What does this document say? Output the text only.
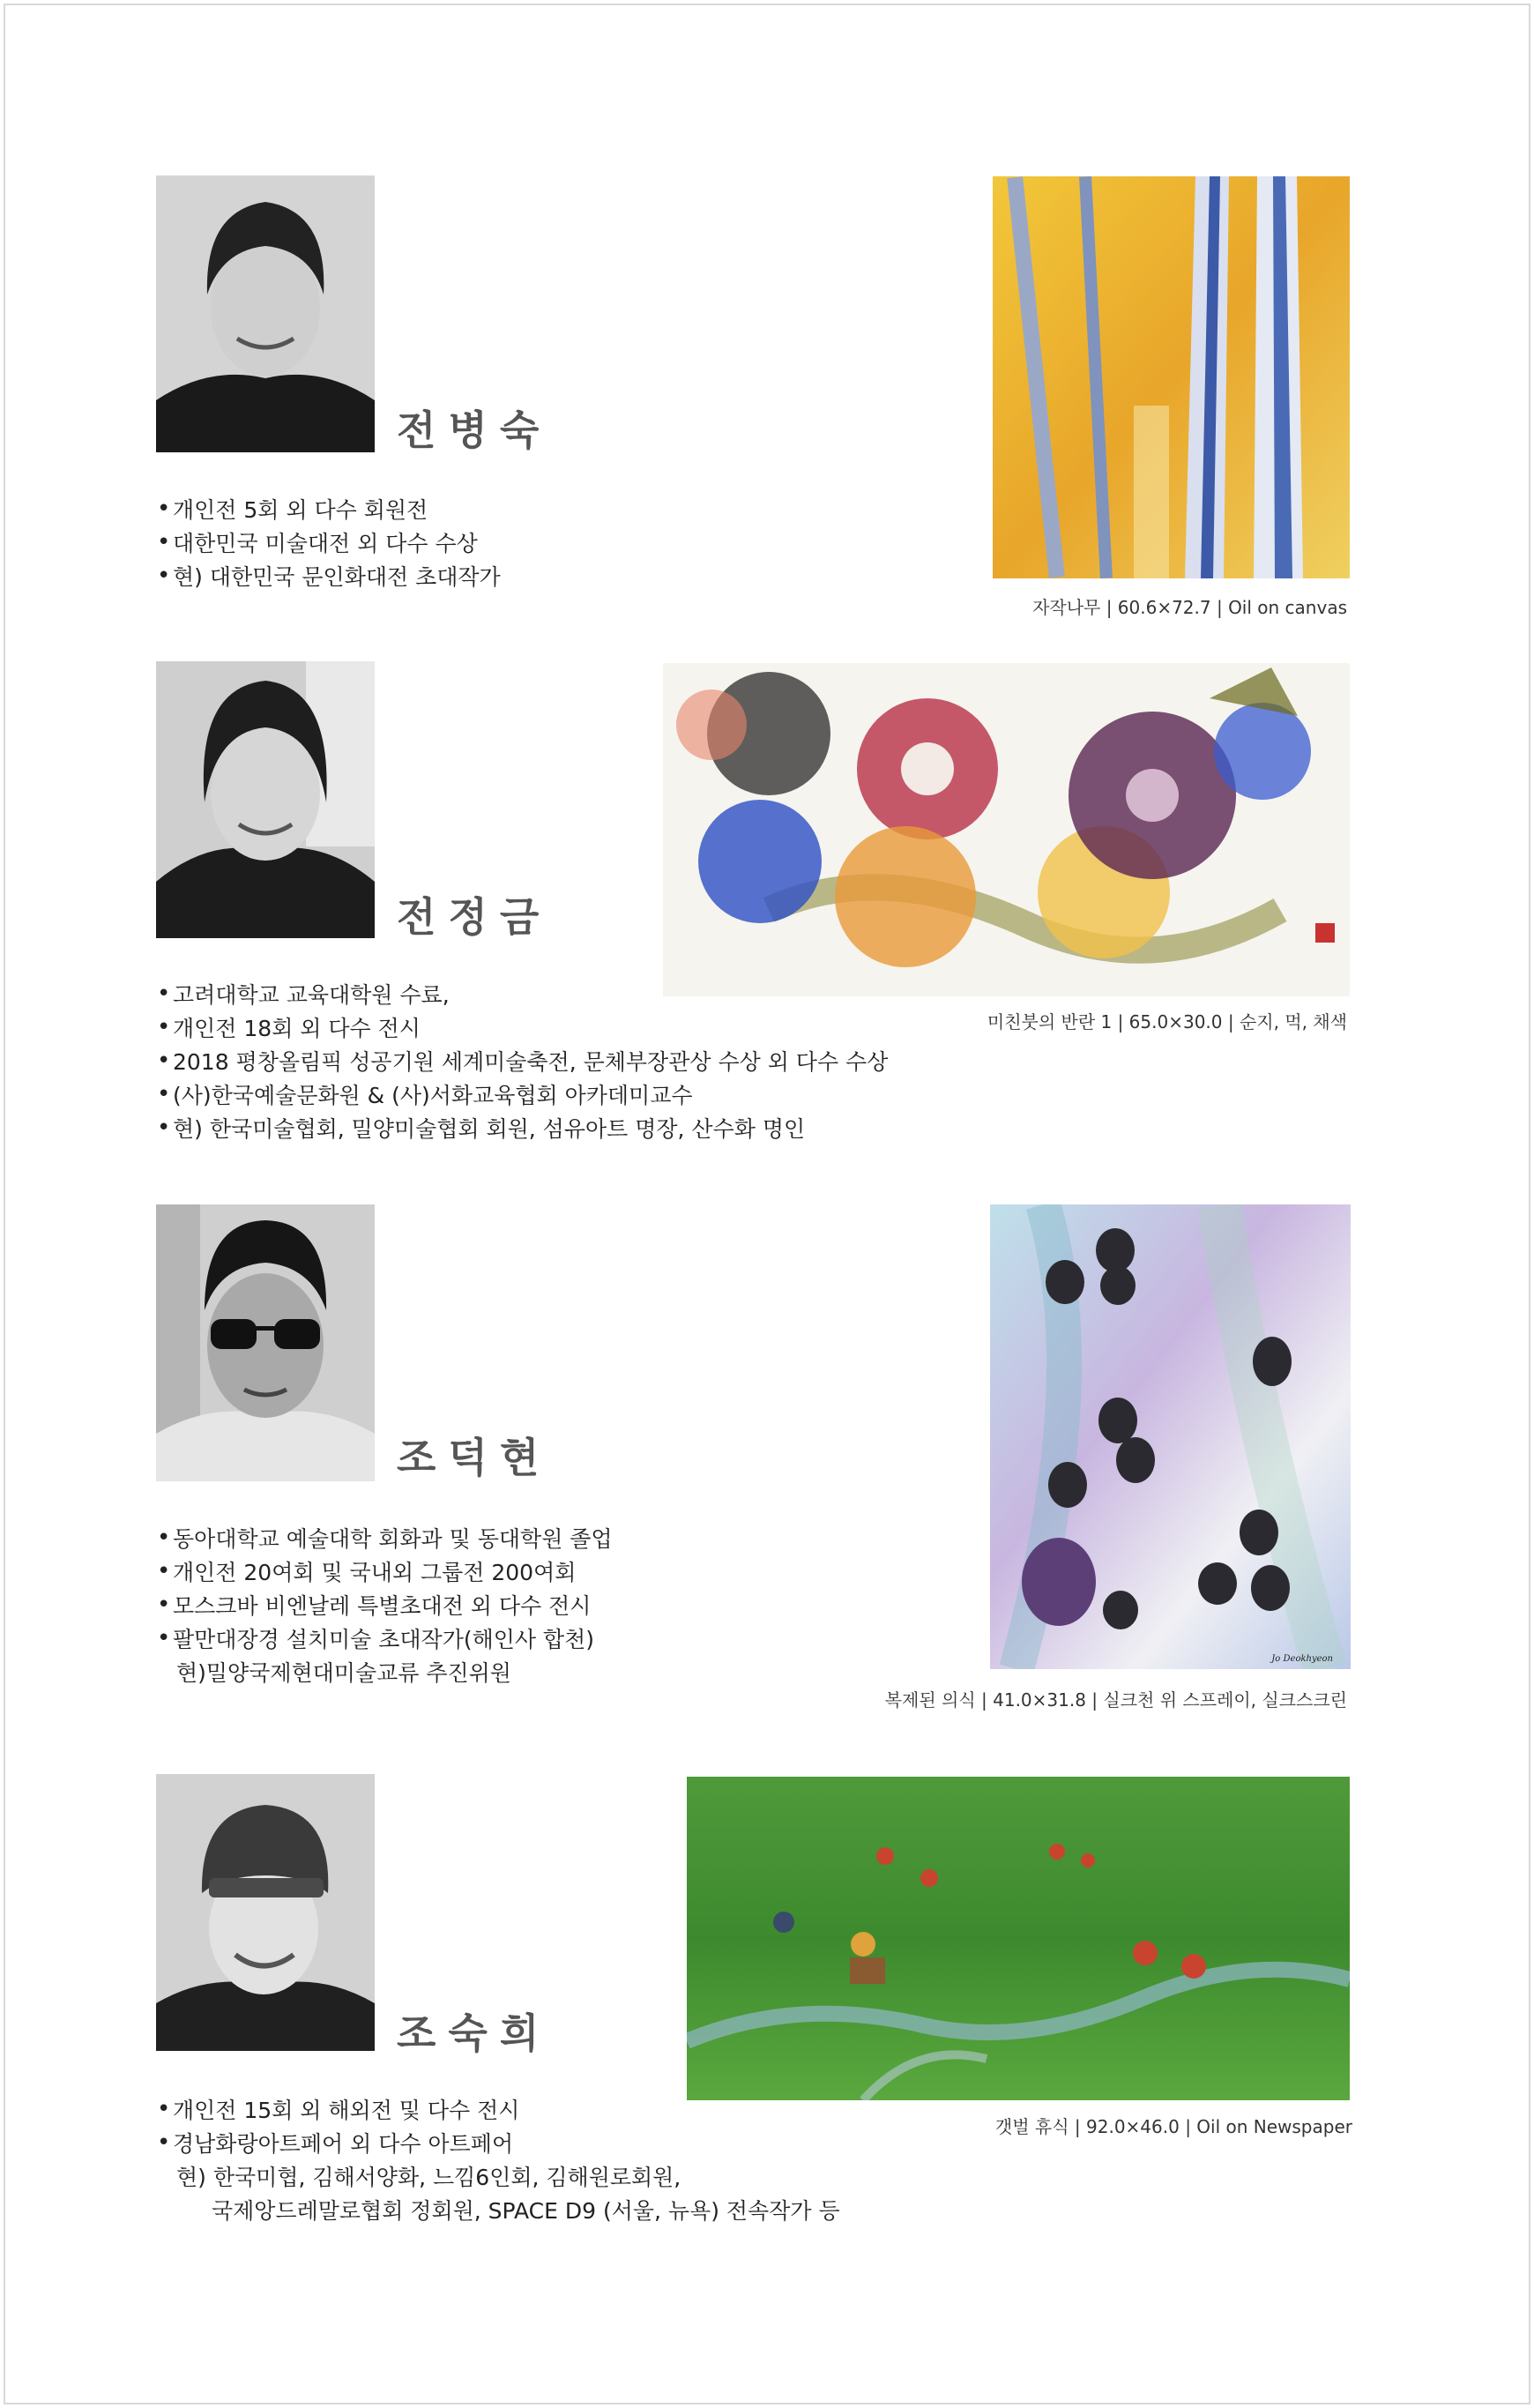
전병숙
• 개인전 5회 외 다수 회원전
• 대한민국 미술대전 외 다수 수상
• 현) 대한민국 문인화대전 초대작가
자작나무 | 60.6×72.7 | Oil on canvas
전정금
• 고려대학교 교육대학원 수료,
• 개인전 18회 외 다수 전시
• 2018 평창올림픽 성공기원 세계미술축전, 문체부장관상 수상 외 다수 수상
• (사)한국예술문화원 & (사)서화교육협회 아카데미교수
• 현) 한국미술협회, 밀양미술협회 회원, 섬유아트 명장, 산수화 명인
미친붓의 반란 1 | 65.0×30.0 | 순지, 먹, 채색
조덕현
• 동아대학교 예술대학 회화과 및 동대학원 졸업
• 개인전 20여회 및 국내외 그룹전 200여회
• 모스크바 비엔날레 특별초대전 외 다수 전시
• 팔만대장경 설치미술 초대작가(해인사 합천)
현)밀양국제현대미술교류 추진위원
Jo Deokhyeon
복제된 의식 | 41.0×31.8 | 실크천 위 스프레이, 실크스크린
조숙희
• 개인전 15회 외 해외전 및 다수 전시
• 경남화랑아트페어 외 다수 아트페어
현) 한국미협, 김해서양화, 느낌6인회, 김해원로회원,
국제앙드레말로협회 정회원, SPACE D9 (서울, 뉴욕) 전속작가 등
갯벌 휴식 | 92.0×46.0 | Oil on Newspaper
